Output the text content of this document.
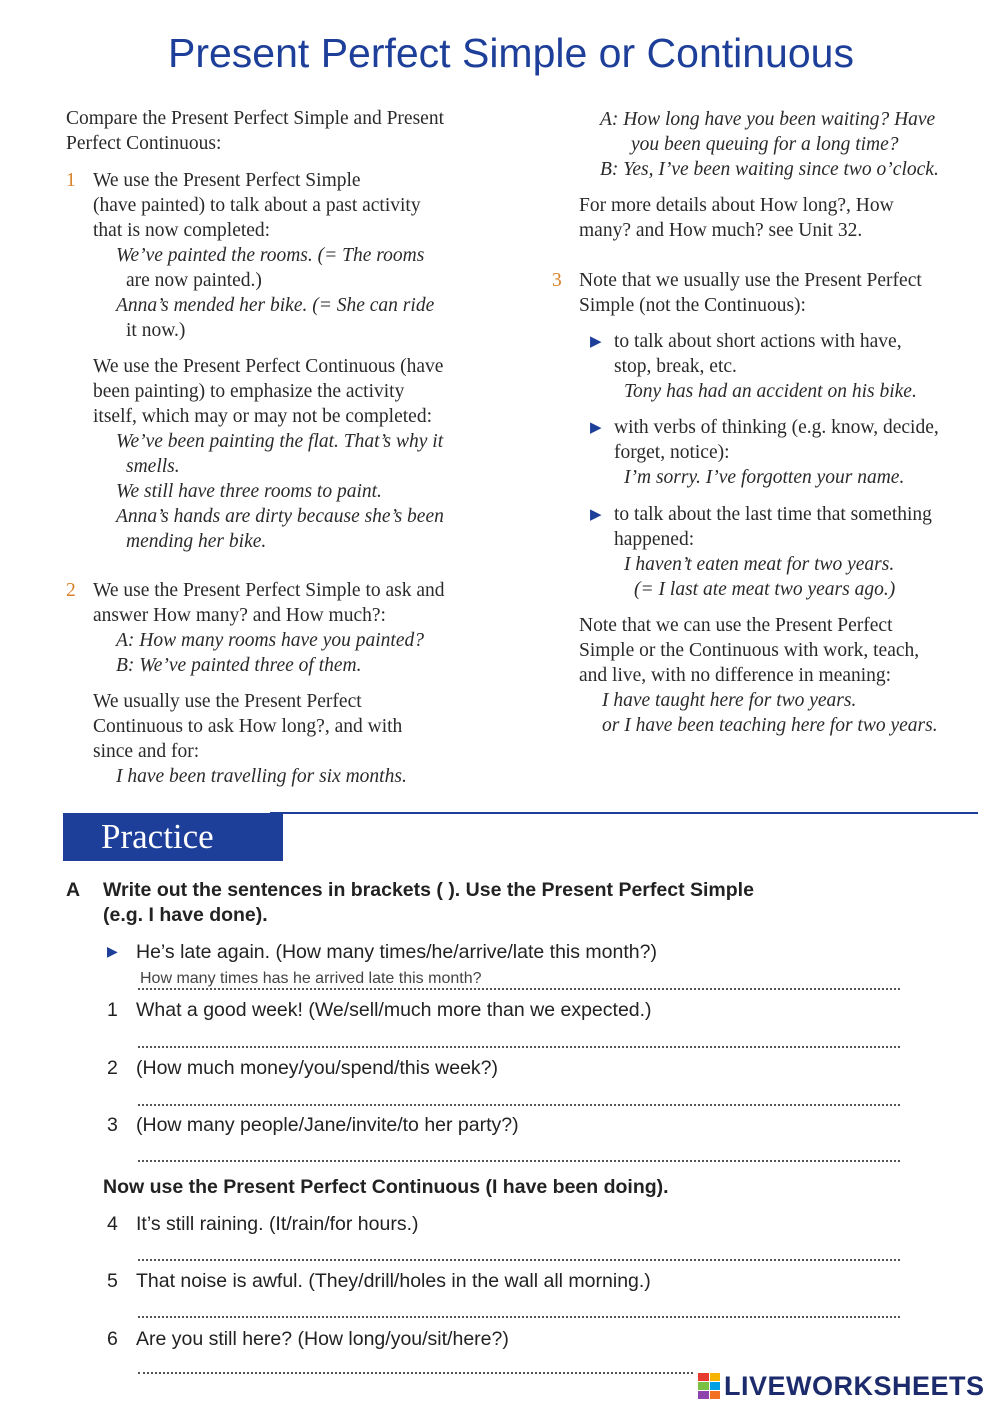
Present Perfect Simple or Continuous
Compare the Present Perfect Simple and Present
Perfect Continuous:
1 We use the Present Perfect Simple
(have painted) to talk about a past activity
that is now completed:
We’ve painted the rooms. (= The rooms
are now painted.)
Anna’s mended her bike. (= She can ride
it now.)
We use the Present Perfect Continuous (have
been painting) to emphasize the activity
itself, which may or may not be completed:
We’ve been painting the flat. That’s why it
smells.
We still have three rooms to paint.
Anna’s hands are dirty because she’s been
mending her bike.
2 We use the Present Perfect Simple to ask and
answer How many? and How much?:
A: How many rooms have you painted?
B: We’ve painted three of them.
We usually use the Present Perfect
Continuous to ask How long?, and with
since and for:
I have been travelling for six months.
A: How long have you been waiting? Have
you been queuing for a long time?
B: Yes, I’ve been waiting since two o’clock.
For more details about How long?, How
many? and How much? see Unit 32.
3 Note that we usually use the Present Perfect
Simple (not the Continuous):
▶ to talk about short actions with have,
stop, break, etc.
Tony has had an accident on his bike.
▶ with verbs of thinking (e.g. know, decide,
forget, notice):
I’m sorry. I’ve forgotten your name.
▶ to talk about the last time that something
happened:
I haven’t eaten meat for two years.
(= I last ate meat two years ago.)
Note that we can use the Present Perfect
Simple or the Continuous with work, teach,
and live, with no difference in meaning:
I have taught here for two years.
or I have been teaching here for two years.
Practice
A Write out the sentences in brackets ( ). Use the Present Perfect Simple
(e.g. I have done).
▶ He’s late again. (How many times/he/arrive/late this month?)
How many times has he arrived late this month?
1 What a good week! (We/sell/much more than we expected.)
2 (How much money/you/spend/this week?)
3 (How many people/Jane/invite/to her party?)
Now use the Present Perfect Continuous (I have been doing).
4 It’s still raining. (It/rain/for hours.)
5 That noise is awful. (They/drill/holes in the wall all morning.)
6 Are you still here? (How long/you/sit/here?)
LIVEWORKSHEETS
